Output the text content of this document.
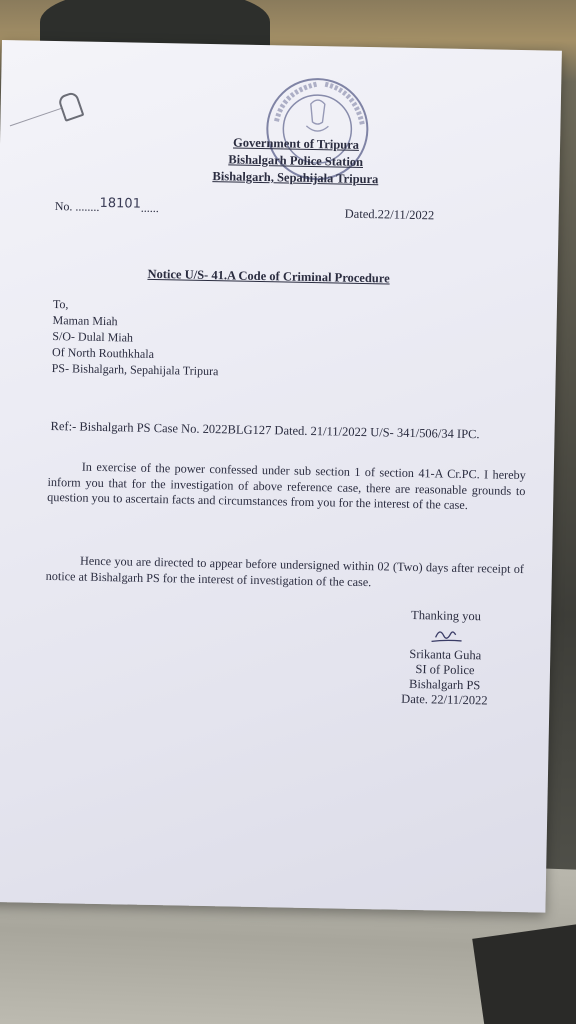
Government of Tripura
Bishalgarh Police Station
Bishalgarh, Sepahijala Tripura
No. ........18101......	Dated.22/11/2022
Notice U/S- 41.A Code of Criminal Procedure
To,
Maman Miah
S/O- Dulal Miah
Of North Routhkhala
PS- Bishalgarh, Sepahijala Tripura
Ref:- Bishalgarh PS Case No. 2022BLG127 Dated. 21/11/2022 U/S- 341/506/34 IPC.
In exercise of the power confessed under sub section 1 of section 41-A Cr.PC. I hereby inform you that for the investigation of above reference case, there are reasonable grounds to question you to ascertain facts and circumstances from you for the interest of the case.
Hence you are directed to appear before undersigned within 02 (Two) days after receipt of notice at Bishalgarh PS for the interest of investigation of the case.
Thanking you
Srikanta Guha
SI of Police
Bishalgarh PS
Date. 22/11/2022
